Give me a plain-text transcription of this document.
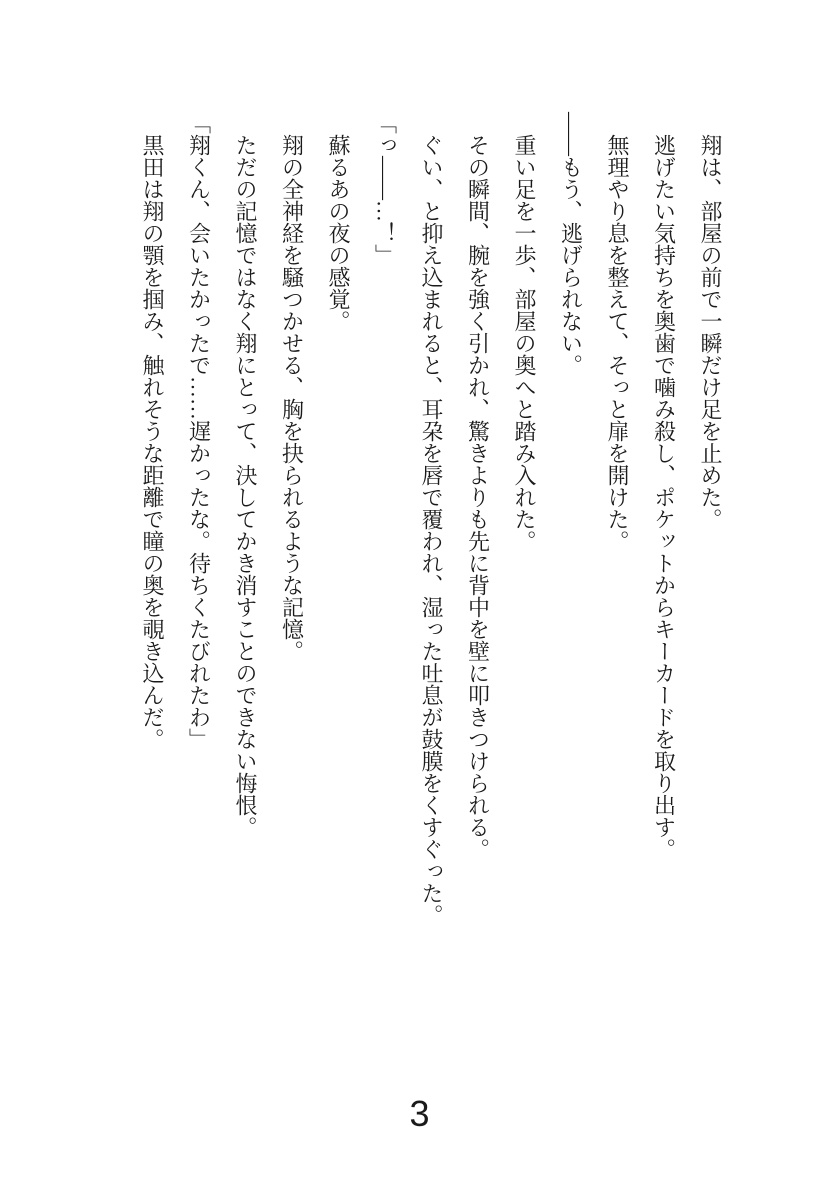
翔は、部屋の前で一瞬だけ足を止めた。

逃げたい気持ちを奥歯で噛み殺し、ポケットからキーカードを取り出す。

無理やり息を整えて、そっと扉を開けた。

——もう、逃げられない。

重い足を一歩、部屋の奥へと踏み入れた。

その瞬間、腕を強く引かれ、驚きよりも先に背中を壁に叩きつけられる。

ぐい、と抑え込まれると、耳朶を唇で覆われ、湿った吐息が鼓膜をくすぐった。

「っ——…！」

蘇るあの夜の感覚。

翔の全神経を騒つかせる、胸を抉られるような記憶。

ただの記憶ではなく翔にとって、決してかき消すことのできない悔恨。

「翔くん、会いたかったで……遅かったな。待ちくたびれたわ」

黒田は翔の顎を掴み、触れそうな距離で瞳の奥を覗き込んだ。

3
